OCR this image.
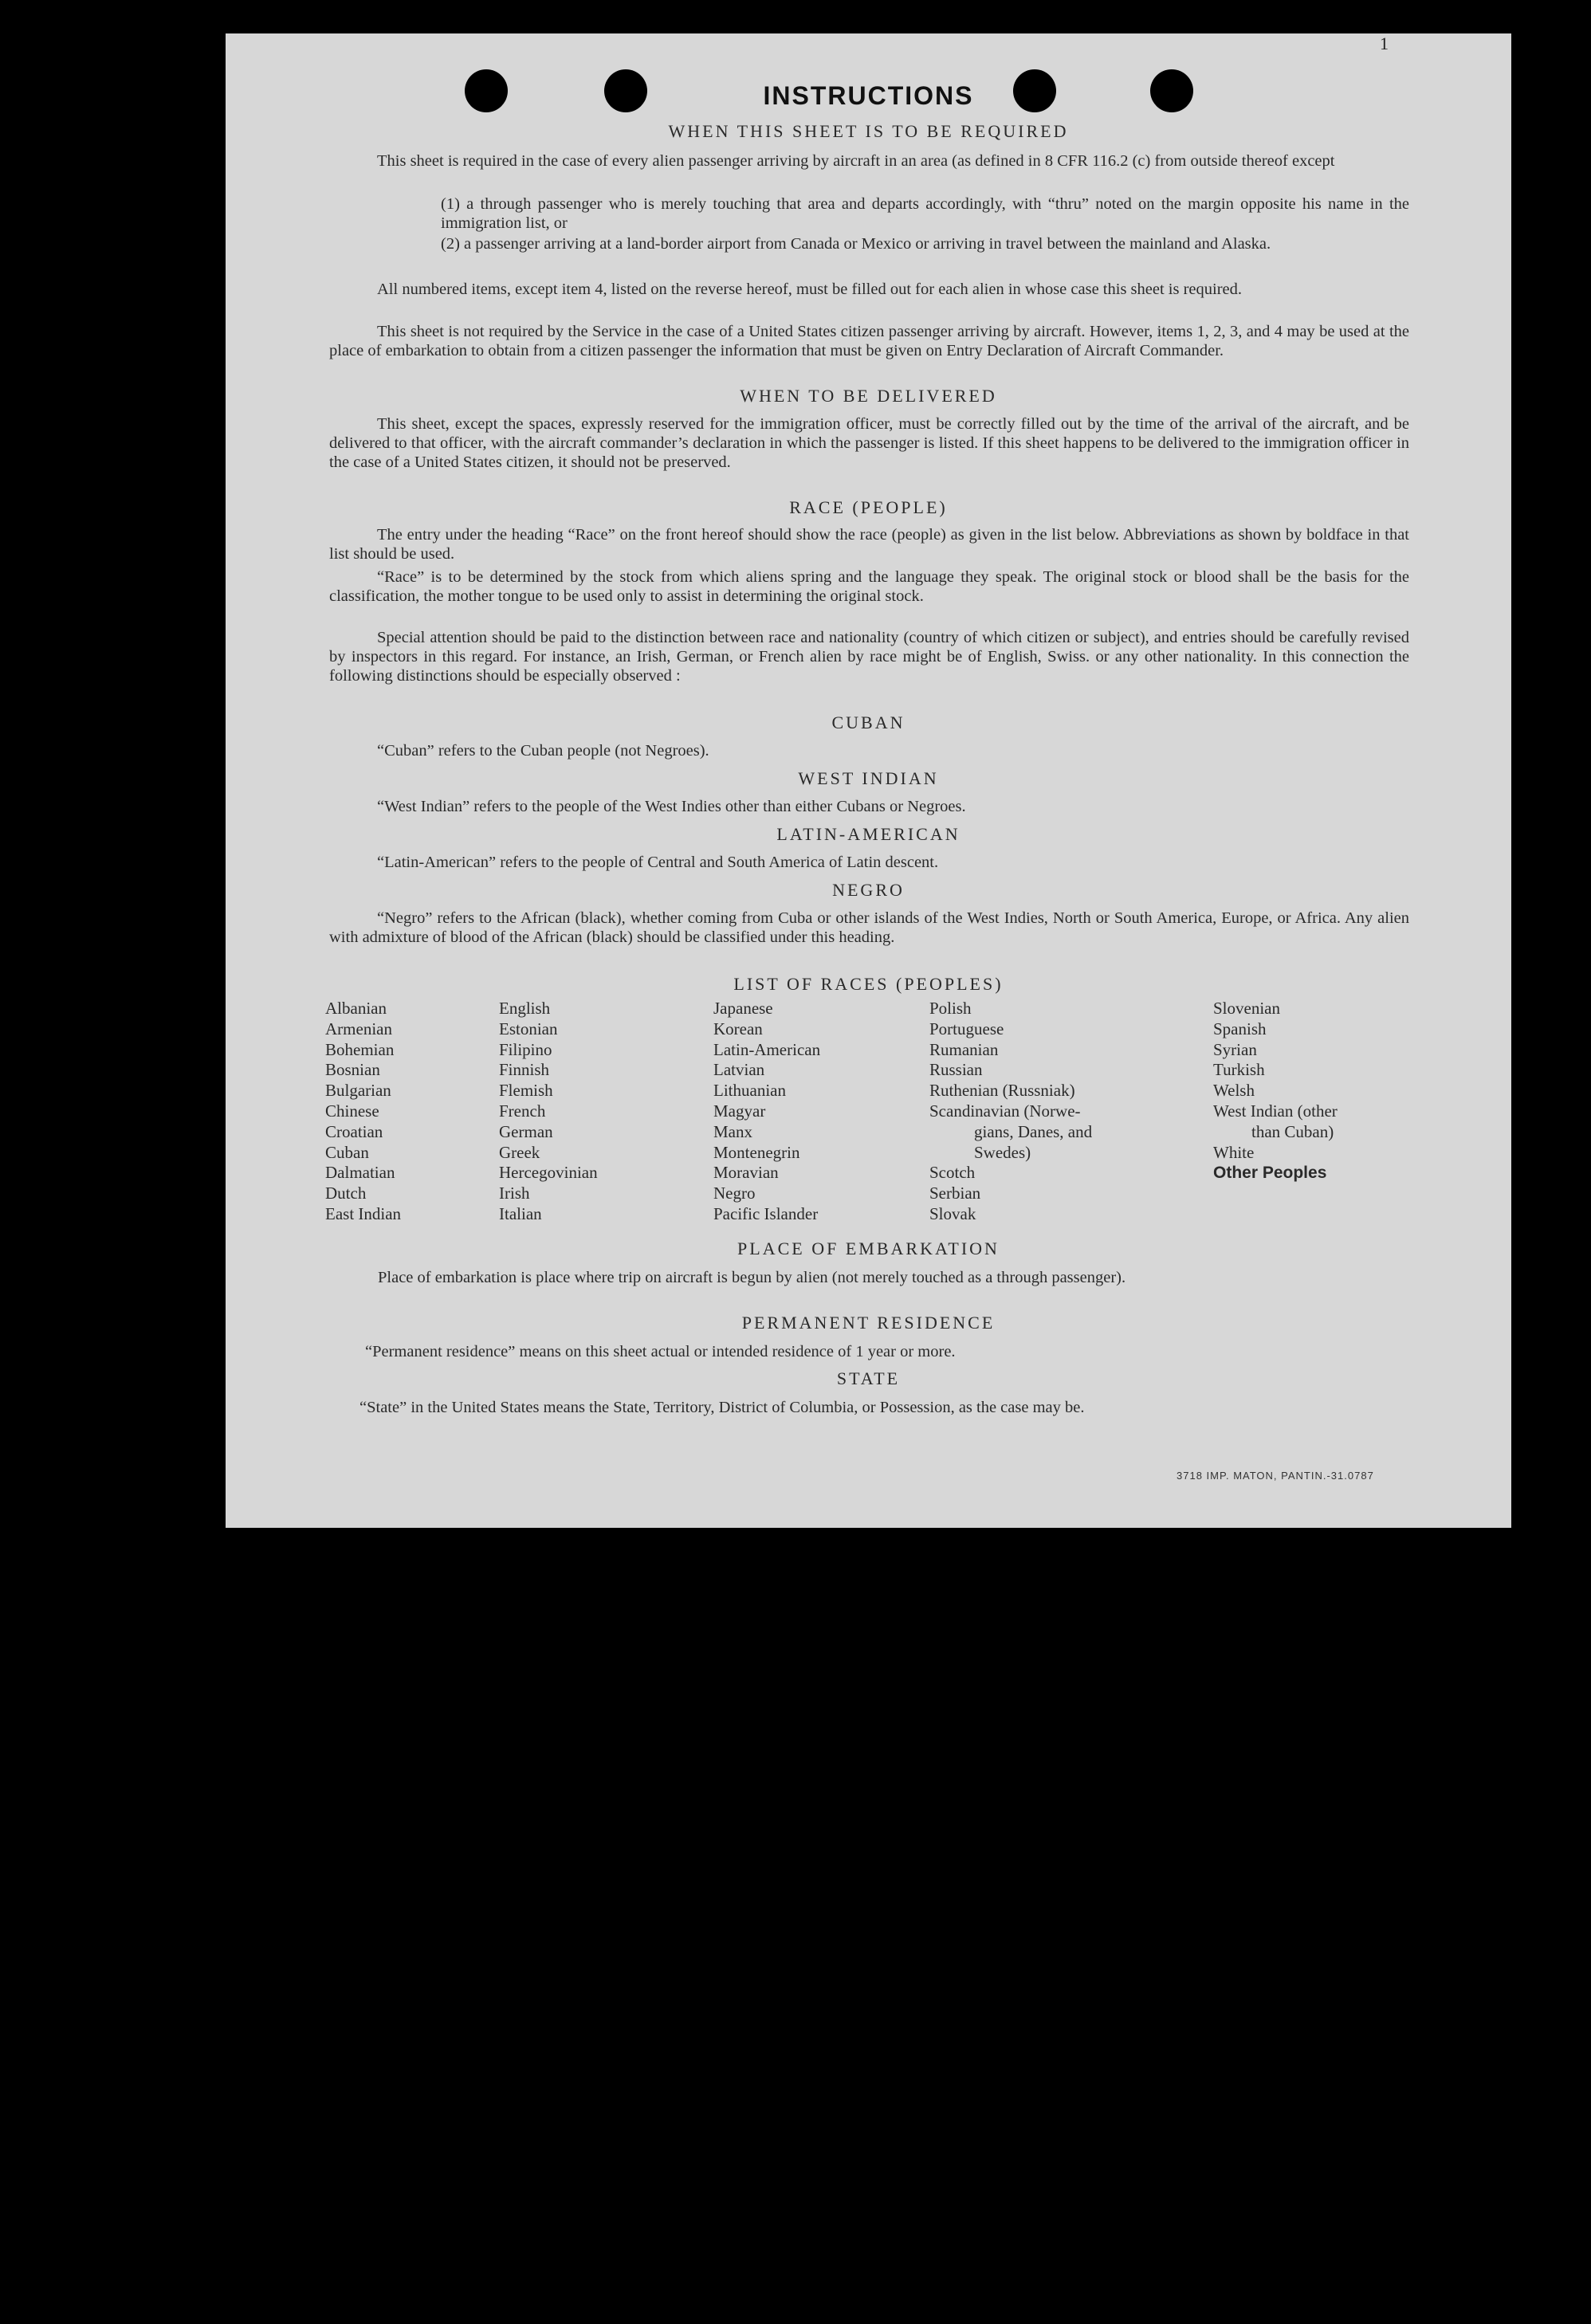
1
INSTRUCTIONS
WHEN THIS SHEET IS TO BE REQUIRED
This sheet is required in the case of every alien passenger arriving by aircraft in an area (as defined in 8 CFR 116.2 (c) from outside thereof except
(1) a through passenger who is merely touching that area and departs accordingly, with “thru” noted on the margin opposite his name in the immigration list, or
(2) a passenger arriving at a land-border airport from Canada or Mexico or arriving in travel between the mainland and Alaska.
All numbered items, except item 4, listed on the reverse hereof, must be filled out for each alien in whose case this sheet is required.
This sheet is not required by the Service in the case of a United States citizen passenger arriving by aircraft. However, items 1, 2, 3, and 4 may be used at the place of embarkation to obtain from a citizen passenger the information that must be given on Entry Declaration of Aircraft Commander.
WHEN TO BE DELIVERED
This sheet, except the spaces, expressly reserved for the immigration officer, must be correctly filled out by the time of the arrival of the aircraft, and be delivered to that officer, with the aircraft commander’s declaration in which the passenger is listed. If this sheet happens to be delivered to the immigration officer in the case of a United States citizen, it should not be preserved.
RACE (PEOPLE)
The entry under the heading “Race” on the front hereof should show the race (people) as given in the list below. Abbreviations as shown by boldface in that list should be used.
“Race” is to be determined by the stock from which aliens spring and the language they speak. The original stock or blood shall be the basis for the classification, the mother tongue to be used only to assist in determining the original stock.
Special attention should be paid to the distinction between race and nationality (country of which citizen or subject), and entries should be carefully revised by inspectors in this regard. For instance, an Irish, German, or French alien by race might be of English, Swiss. or any other nationality. In this connection the following distinctions should be especially observed :
CUBAN
“Cuban” refers to the Cuban people (not Negroes).
WEST INDIAN
“West Indian” refers to the people of the West Indies other than either Cubans or Negroes.
LATIN-AMERICAN
“Latin-American” refers to the people of Central and South America of Latin descent.
NEGRO
“Negro” refers to the African (black), whether coming from Cuba or other islands of the West Indies, North or South America, Europe, or Africa. Any alien with admixture of blood of the African (black) should be classified under this heading.
LIST OF RACES (PEOPLES)
Albanian
Armenian
Bohemian
Bosnian
Bulgarian
Chinese
Croatian
Cuban
Dalmatian
Dutch
East Indian
English
Estonian
Filipino
Finnish
Flemish
French
German
Greek
Hercegovinian
Irish
Italian
Japanese
Korean
Latin-American
Latvian
Lithuanian
Magyar
Manx
Montenegrin
Moravian
Negro
Pacific Islander
Polish
Portuguese
Rumanian
Russian
Ruthenian (Russniak)
Scandinavian (Norwe-
gians, Danes, and
Swedes)
Scotch
Serbian
Slovak
Slovenian
Spanish
Syrian
Turkish
Welsh
West Indian (other
than Cuban)
White
Other Peoples
PLACE OF EMBARKATION
Place of embarkation is place where trip on aircraft is begun by alien (not merely touched as a through passenger).
PERMANENT RESIDENCE
“Permanent residence” means on this sheet actual or intended residence of 1 year or more.
STATE
“State” in the United States means the State, Territory, District of Columbia, or Possession, as the case may be.
3718 IMP. MATON, PANTIN.-31.0787
